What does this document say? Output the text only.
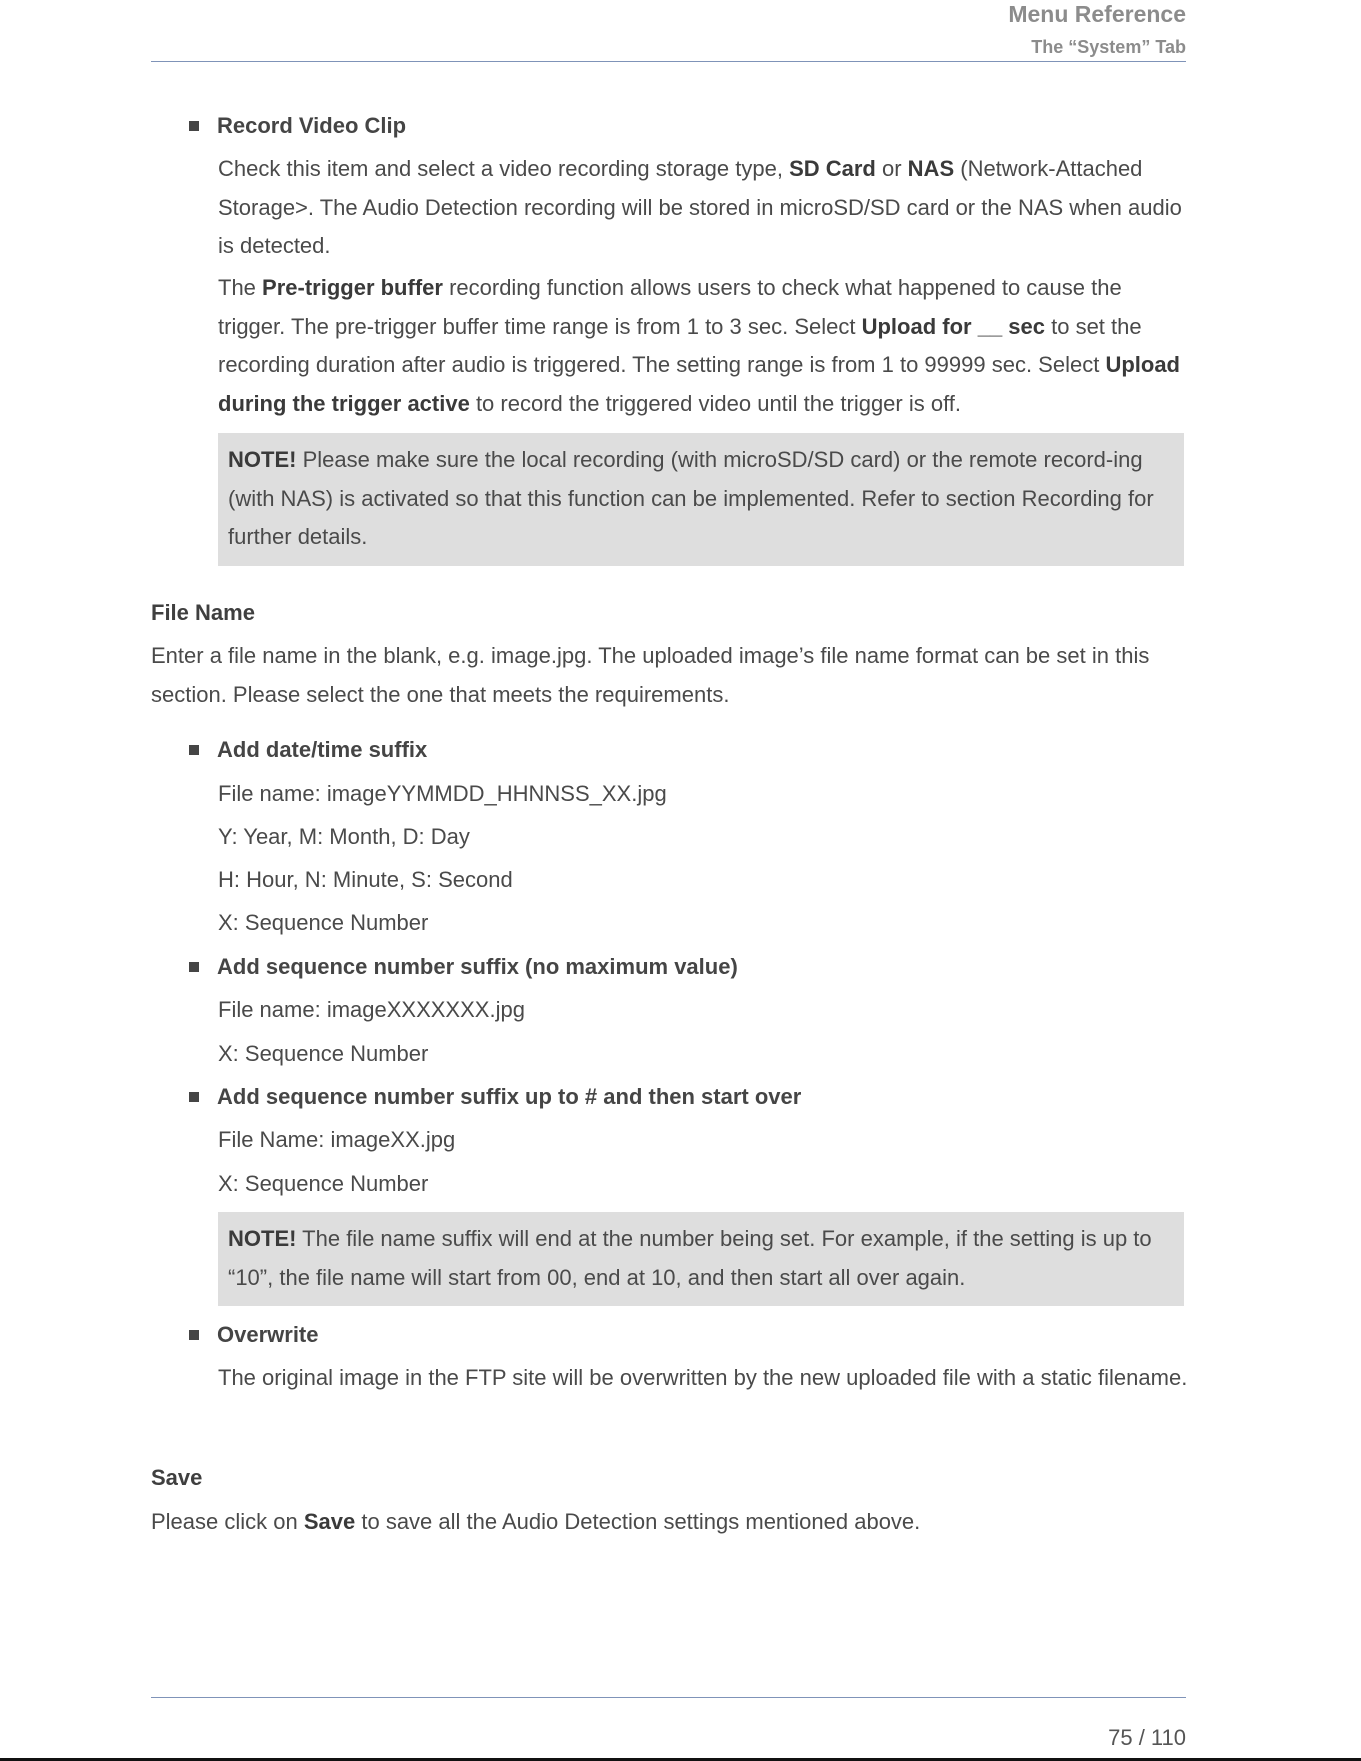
Menu Reference
The “System” Tab
Record Video Clip
Check this item and select a video recording storage type, SD Card or NAS (Network-Attached Storage>. The Audio Detection recording will be stored in microSD/SD card or the NAS when audio is detected.
The Pre-trigger buffer recording function allows users to check what happened to cause the trigger. The pre-trigger buffer time range is from 1 to 3 sec. Select Upload for __ sec to set the recording duration after audio is triggered. The setting range is from 1 to 99999 sec. Select Upload during the trigger active to record the triggered video until the trigger is off.
NOTE! Please make sure the local recording (with microSD/SD card) or the remote record-ing (with NAS) is activated so that this function can be implemented. Refer to section Recording for further details.
File Name
Enter a file name in the blank, e.g. image.jpg. The uploaded image’s file name format can be set in this section. Please select the one that meets the requirements.
Add date/time suffix
File name: imageYYMMDD_HHNNSS_XX.jpg
Y: Year, M: Month, D: Day
H: Hour, N: Minute, S: Second
X: Sequence Number
Add sequence number suffix (no maximum value)
File name: imageXXXXXXX.jpg
X: Sequence Number
Add sequence number suffix up to # and then start over
File Name: imageXX.jpg
X: Sequence Number
NOTE! The file name suffix will end at the number being set. For example, if the setting is up to “10”, the file name will start from 00, end at 10, and then start all over again.
Overwrite
The original image in the FTP site will be overwritten by the new uploaded file with a static filename.
Save
Please click on Save to save all the Audio Detection settings mentioned above.
75 / 110
